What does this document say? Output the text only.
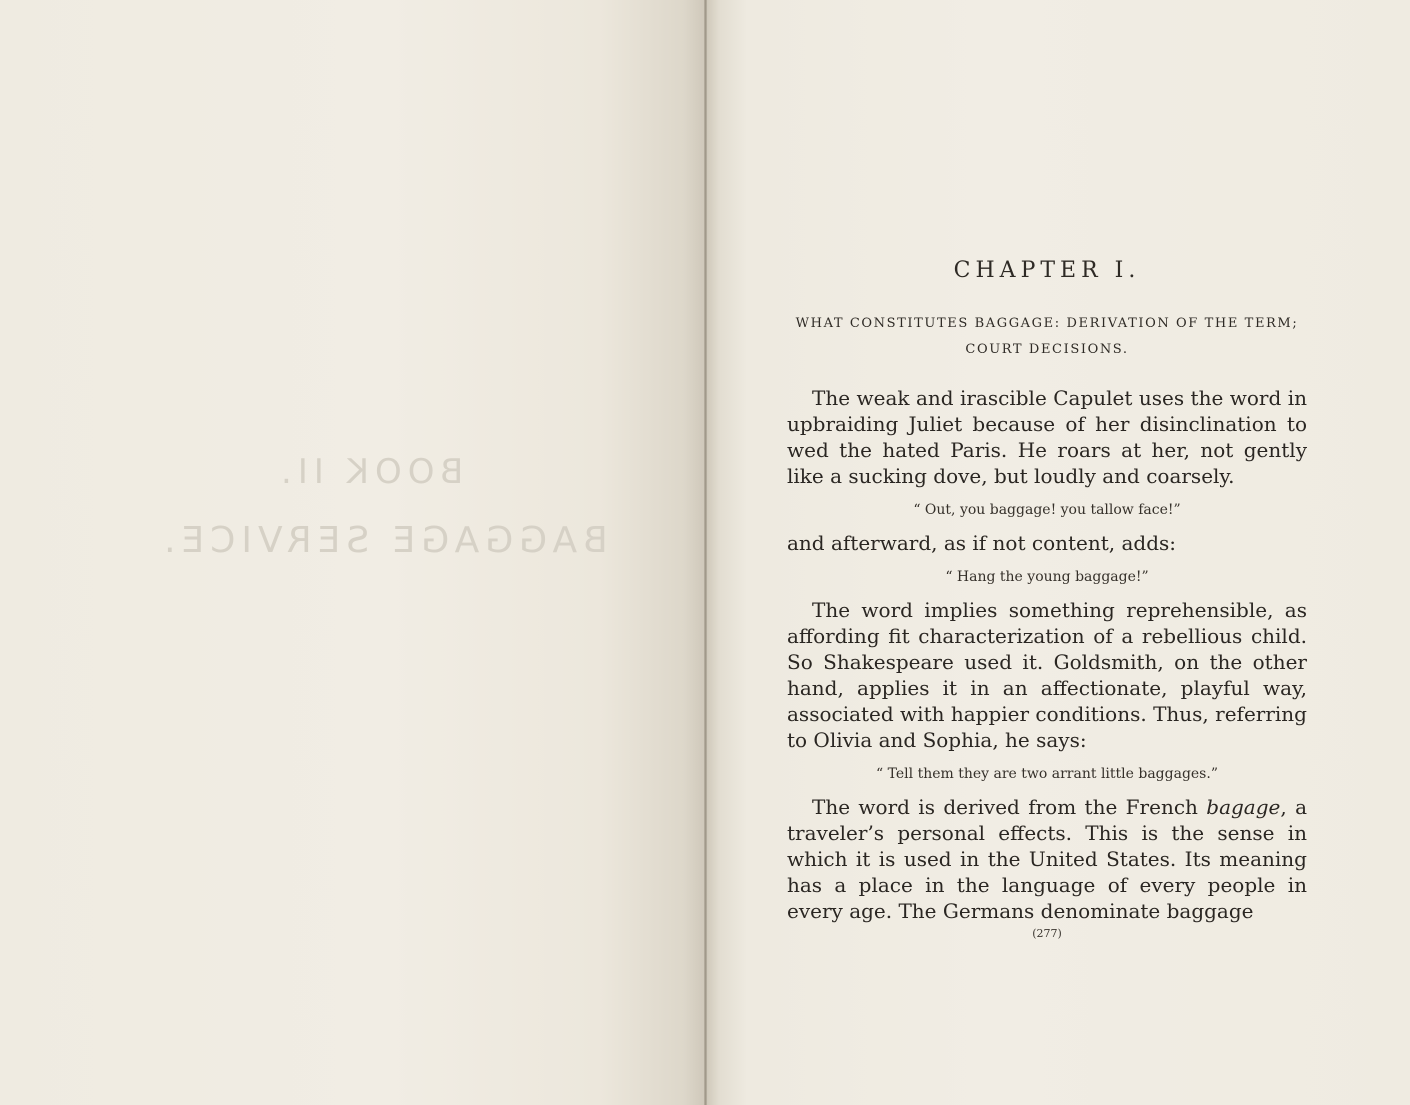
BOOK II.
BAGGAGE SERVICE.
CHAPTER I.

WHAT CONSTITUTES BAGGAGE: DERIVATION OF THE TERM; COURT DECISIONS.

The weak and irascible Capulet uses the word in upbraiding Juliet because of her disinclination to wed the hated Paris. He roars at her, not gently like a sucking dove, but loudly and coarsely.

“ Out, you baggage! you tallow face!”

and afterward, as if not content, adds:

“ Hang the young baggage!”

The word implies something reprehensible, as affording fit characterization of a rebellious child. So Shakespeare used it. Goldsmith, on the other hand, applies it in an affectionate, playful way, associated with happier conditions. Thus, referring to Olivia and Sophia, he says:

“ Tell them they are two arrant little baggages.”

The word is derived from the French bagage, a traveler’s personal effects. This is the sense in which it is used in the United States. Its meaning has a place in the language of every people in every age. The Germans denominate baggage

(277)
